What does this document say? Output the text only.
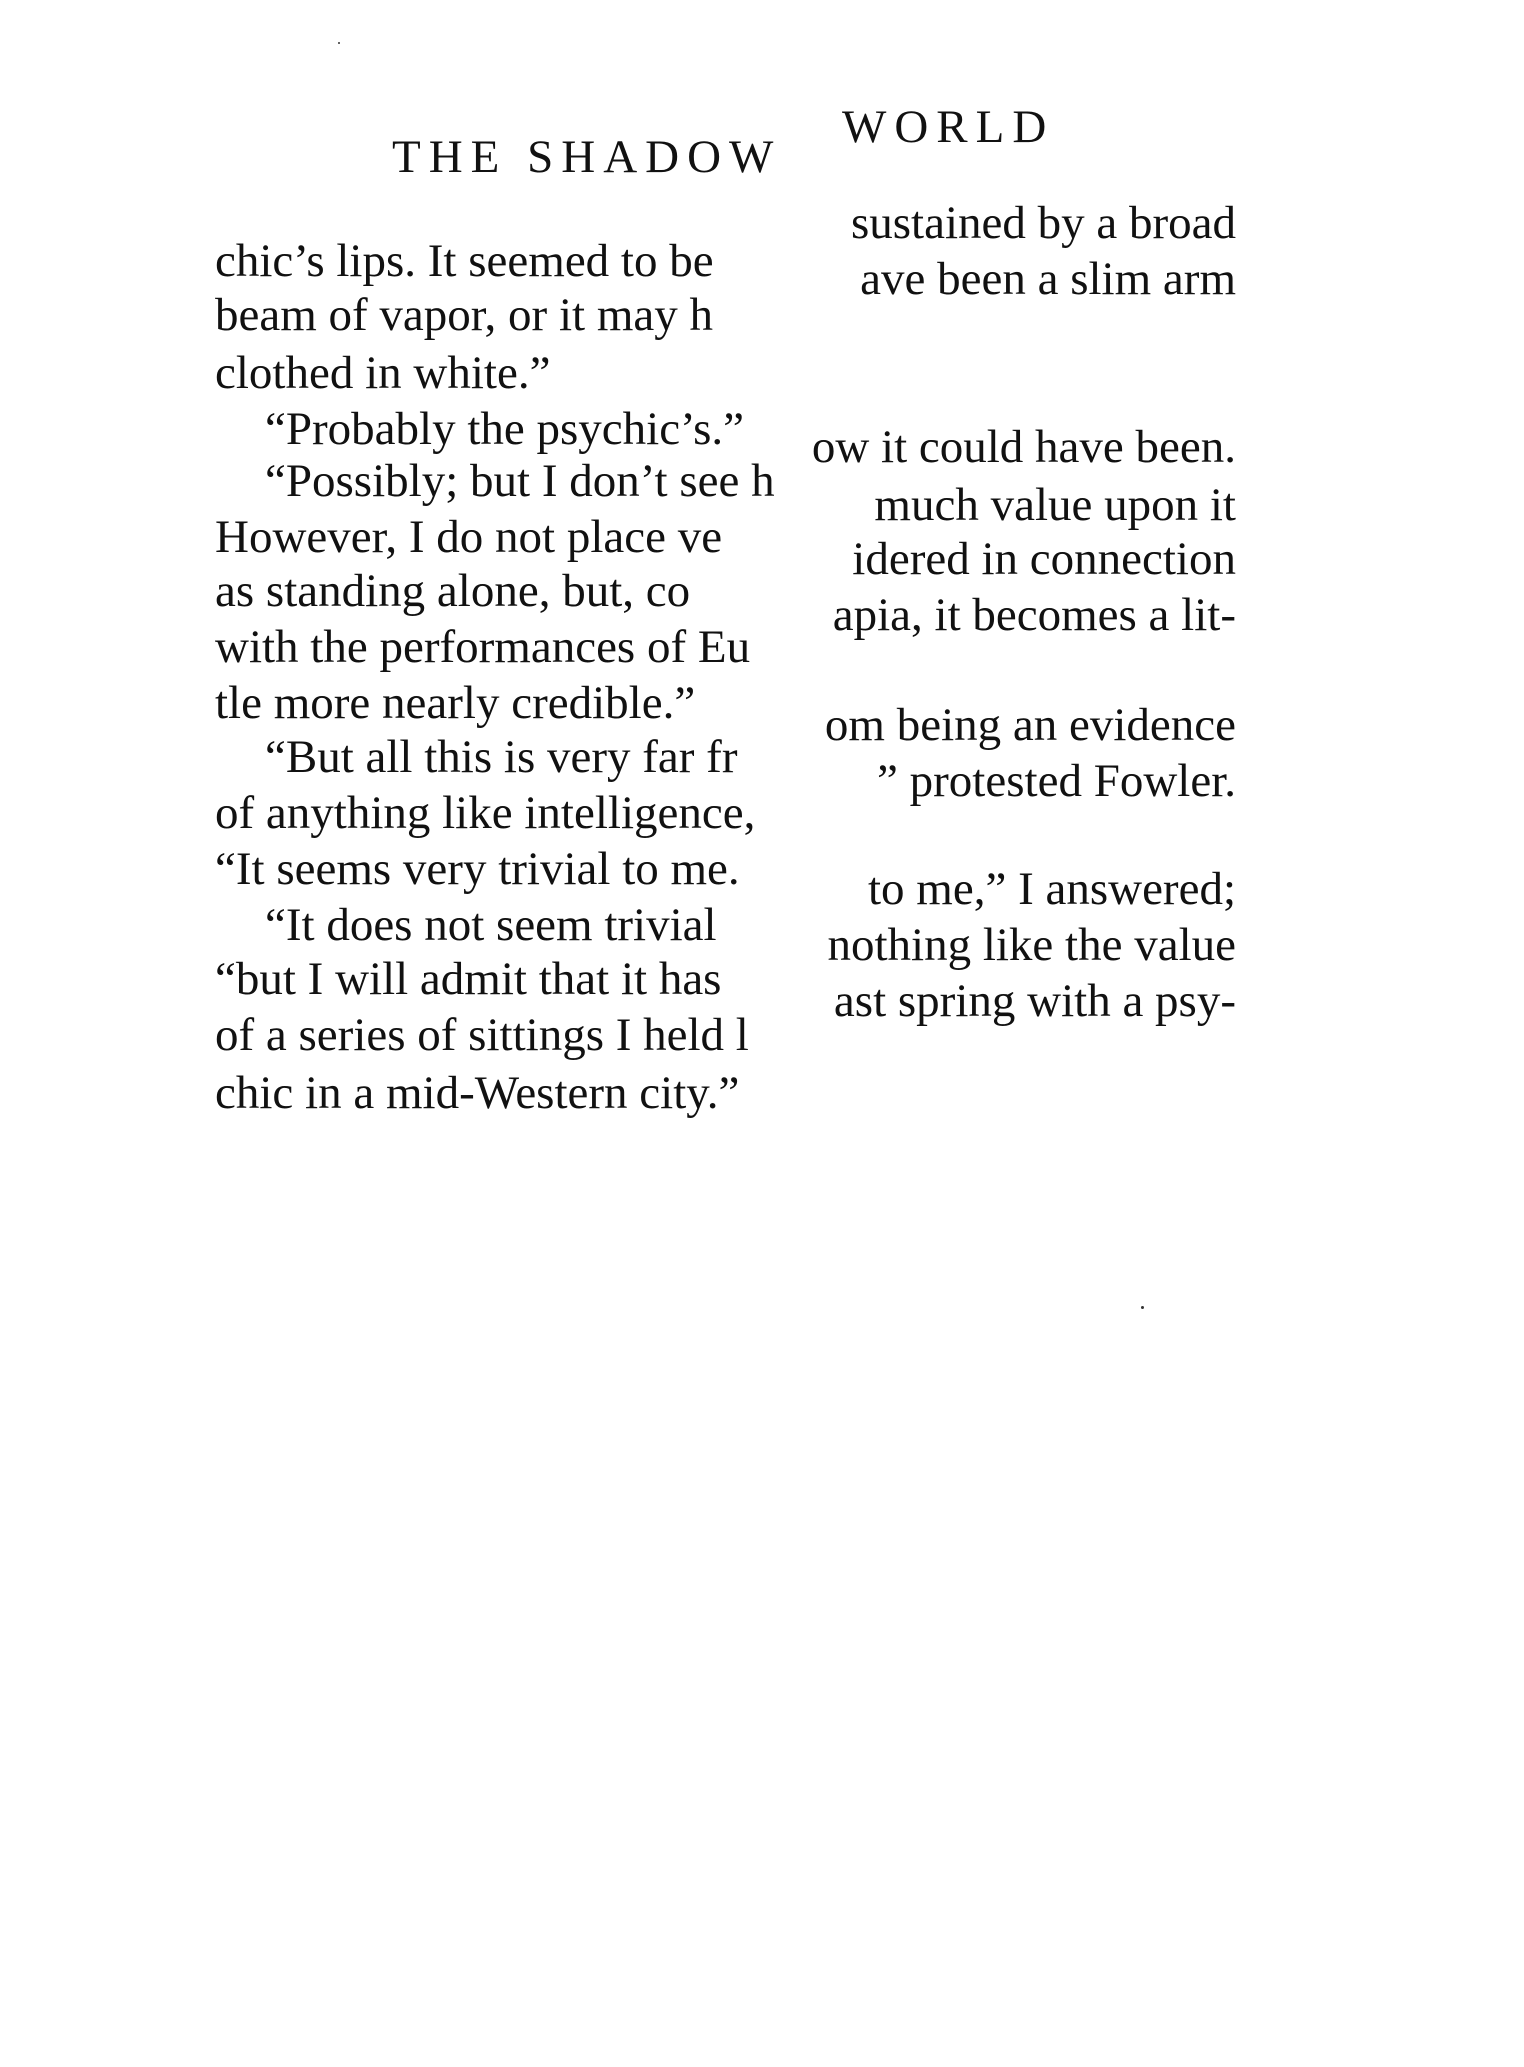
THE SHADOW
WORLD
chic’s lips. It seemed to be
beam of vapor, or it may h
clothed in white.”
“Probably the psychic’s.”
“Possibly; but I don’t see h
However, I do not place ve
as standing alone, but, co
with the performances of Eu
tle more nearly credible.”
“But all this is very far fr
of anything like intelligence,
“It seems very trivial to me.
“It does not seem trivial
“but I will admit that it has
of a series of sittings I held l
chic in a mid-Western city.”
sustained by a broad
ave been a slim arm
ow it could have been.
much value upon it
idered in connection
apia, it becomes a lit-
om being an evidence
” protested Fowler.
to me,” I answered;
nothing like the value
ast spring with a psy-
